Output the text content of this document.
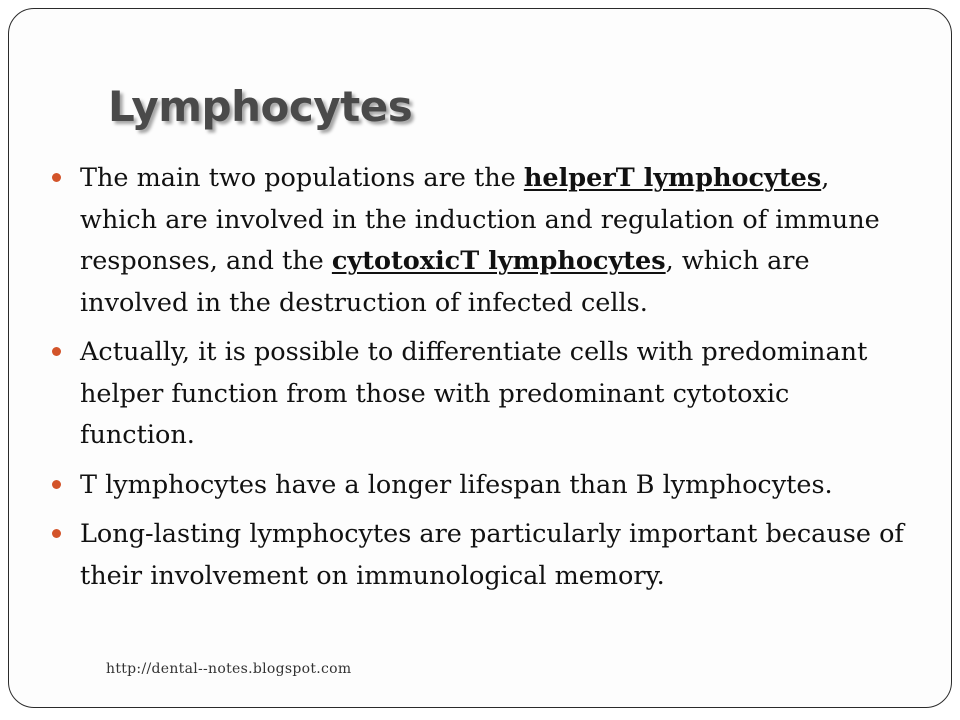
Lymphocytes
The main two populations are the helperT lymphocytes, which are involved in the induction and regulation of immune responses, and the cytotoxicT lymphocytes, which are involved in the destruction of infected cells.
Actually, it is possible to differentiate cells with predominant helper function from those with predominant cytotoxic function.
T lymphocytes have a longer lifespan than B lymphocytes.
Long-lasting lymphocytes are particularly important because of their involvement on immunological memory.
http://dental--notes.blogspot.com
